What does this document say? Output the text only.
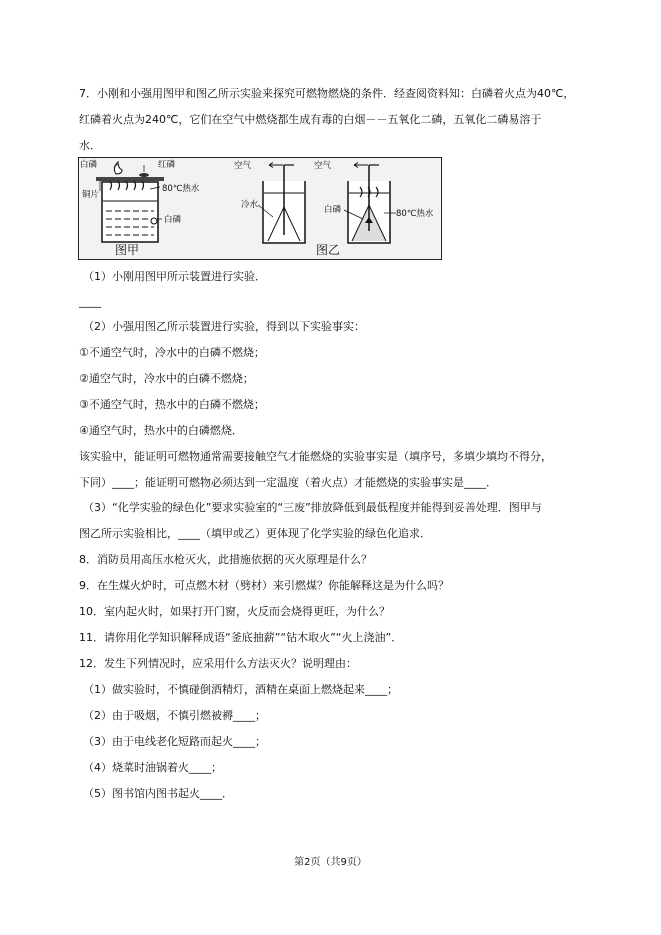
7．小刚和小强用图甲和图乙所示实验来探究可燃物燃烧的条件．经查阅资料知：白磷着火点为40℃，
红磷着火点为240℃，它们在空气中燃烧都生成有毒的白烟－－五氧化二磷，五氧化二磷易溶于
水．
白磷	红磷
铜片
80℃热水
白磷
图甲
空气	空气
冷水	白磷	80℃热水
图乙
（1）小刚用图甲所示装置进行实验．
____
（2）小强用图乙所示装置进行实验，得到以下实验事实：
①不通空气时，冷水中的白磷不燃烧；
②通空气时，冷水中的白磷不燃烧；
③不通空气时，热水中的白磷不燃烧；
④通空气时，热水中的白磷燃烧．
该实验中，能证明可燃物通常需要接触空气才能燃烧的实验事实是（填序号，多填少填均不得分，
下同）____；能证明可燃物必须达到一定温度（着火点）才能燃烧的实验事实是____．
（3）“化学实验的绿色化”要求实验室的“三废”排放降低到最低程度并能得到妥善处理．图甲与
图乙所示实验相比，____（填甲或乙）更体现了化学实验的绿色化追求．
8．消防员用高压水枪灭火，此措施依据的灭火原理是什么？
9．在生煤火炉时，可点燃木材（劈材）来引燃煤？你能解释这是为什么吗？
10．室内起火时，如果打开门窗，火反而会烧得更旺，为什么？
11．请你用化学知识解释成语“釜底抽薪”“钻木取火”“火上浇油”．
12．发生下列情况时，应采用什么方法灭火？说明理由：
（1）做实验时，不慎碰倒酒精灯，酒精在桌面上燃烧起来____；
（2）由于吸烟，不慎引燃被褥____；
（3）由于电线老化短路而起火____；
（4）烧菜时油锅着火____；
（5）图书馆内图书起火____．
第2页（共9页）
